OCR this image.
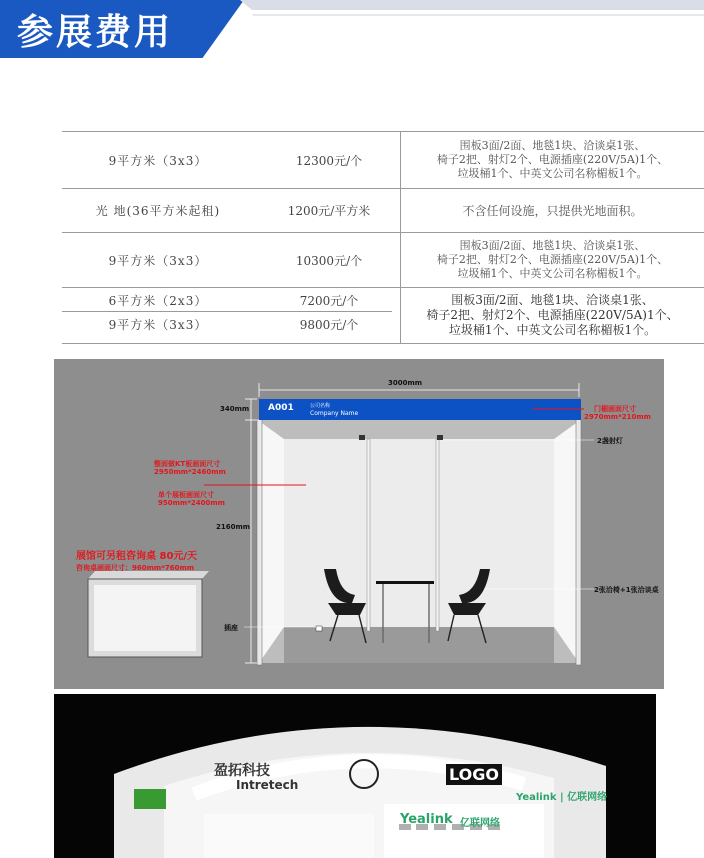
参展费用
9平方米（3x3）	12300元/个
围板3面/2面、地毯1块、洽谈桌1张、
椅子2把、射灯2个、电源插座(220V/5A)1个、
垃圾桶1个、中英文公司名称楣板1个。
光 地(36平方米起租)	1200元/平方米	不含任何设施，只提供光地面积。
9平方米（3x3）	10300元/个
围板3面/2面、地毯1块、洽谈桌1张、
椅子2把、射灯2个、电源插座(220V/5A)1个、
垃圾桶1个、中英文公司名称楣板1个。
6平方米（2x3）	7200元/个
9平方米（3x3）	9800元/个
围板3面/2面、地毯1块、洽谈桌1张、
椅子2把、射灯2个、电源插座(220V/5A)1个、
垃圾桶1个、中英文公司名称楣板1个。
3000mm
340mm
2160mm
A001	公司名称
Company Name
门楣画面尺寸
2970mm*210mm
2盏射灯
整面做KT板画面尺寸
2950mm*2460mm
单个展板画面尺寸
950mm*2400mm
展馆可另租咨询桌 80元/天
咨询桌画面尺寸：960mm*760mm
2张洽椅+1张洽谈桌
插座
盈拓科技
Intretech
LOGO
Yealink 亿联网络
Yealink | 亿联网络
